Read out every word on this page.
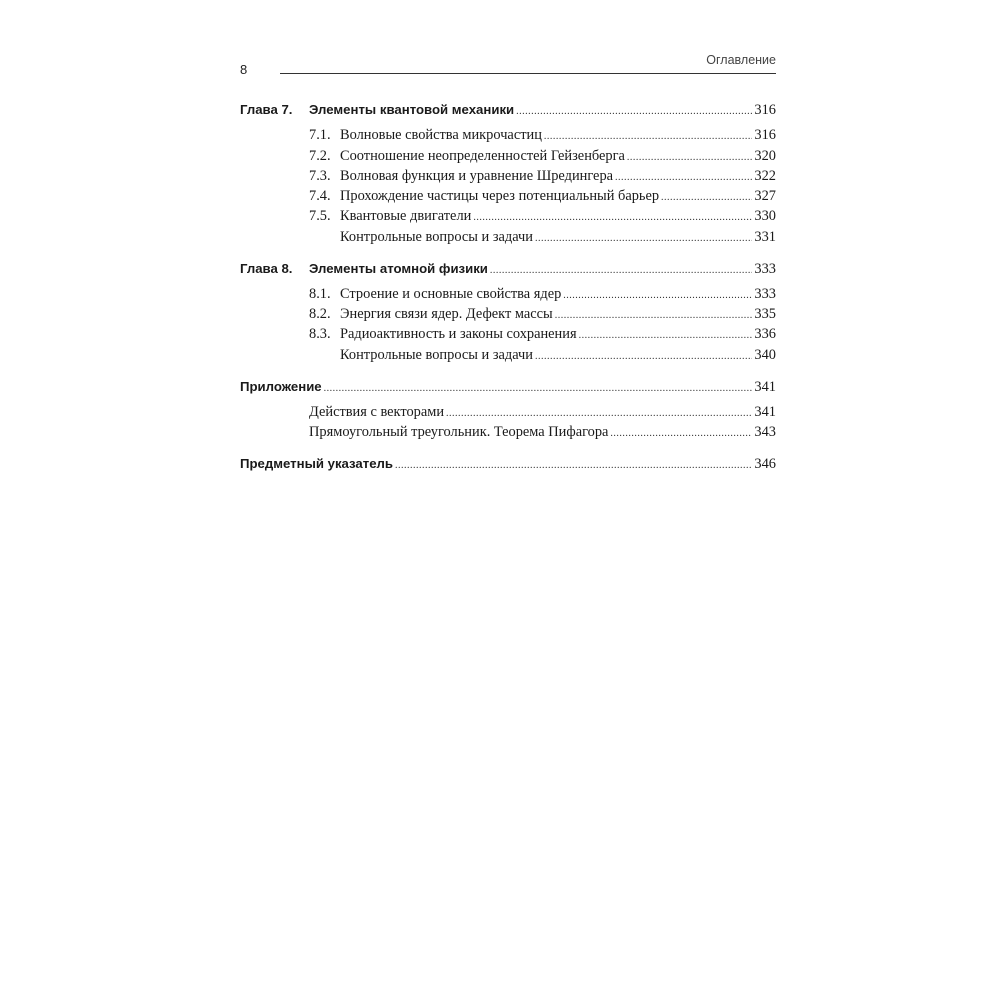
8
Оглавление
Глава 7.	Элементы квантовой механики .....	316
7.1. Волновые свойства микрочастиц .....	316
7.2. Соотношение неопределенностей Гейзенберга .....	320
7.3. Волновая функция и уравнение Шредингера .....	322
7.4. Прохождение частицы через потенциальный барьер .....	327
7.5. Квантовые двигатели .....	330
Контрольные вопросы и задачи .....	331
Глава 8.	Элементы атомной физики .....	333
8.1. Строение и основные свойства ядер .....	333
8.2. Энергия связи ядер. Дефект массы .....	335
8.3. Радиоактивность и законы сохранения .....	336
Контрольные вопросы и задачи .....	340
Приложение .....	341
Действия с векторами .....	341
Прямоугольный треугольник. Теорема Пифагора .....	343
Предметный указатель .....	346
